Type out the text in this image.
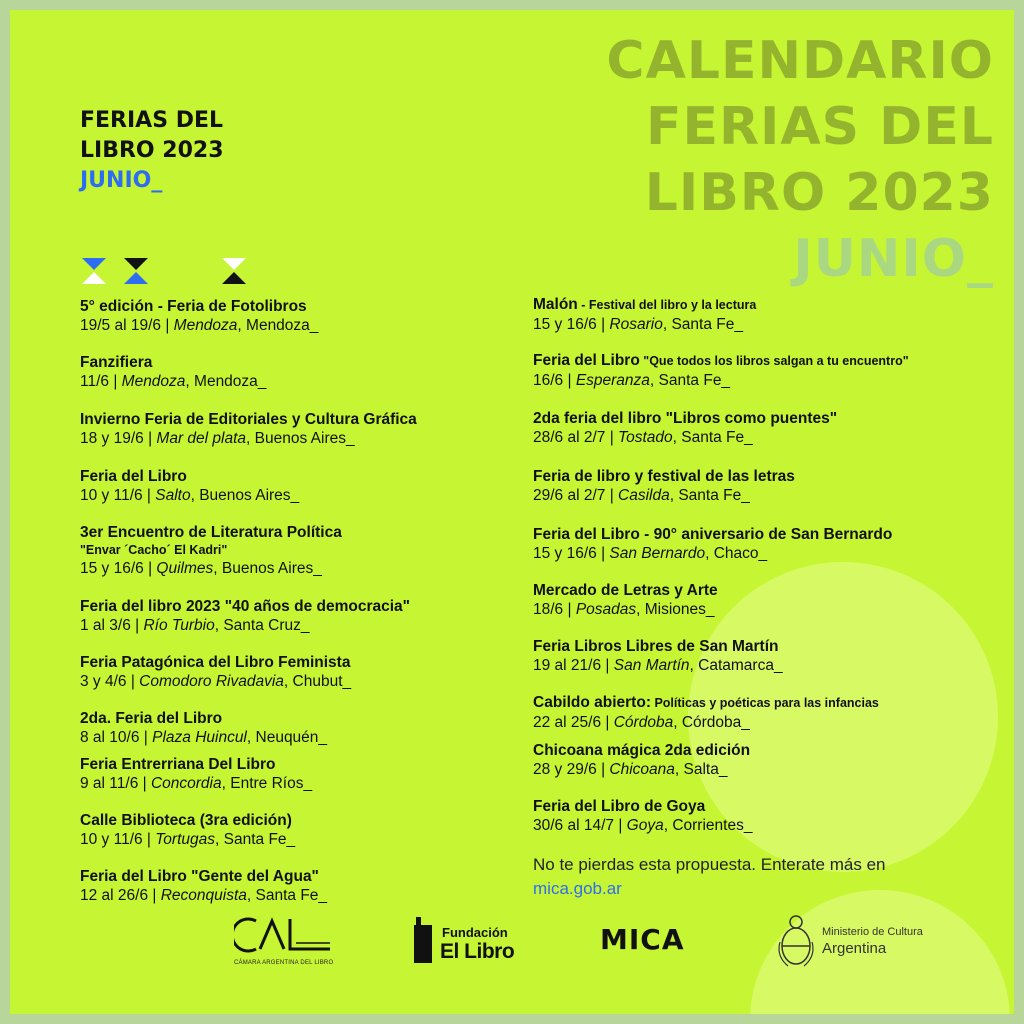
CALENDARIO
FERIAS DEL
LIBRO 2023
JUNIO_
FERIAS DEL
LIBRO 2023
JUNIO_
5° edición - Feria de Fotolibros
19/5 al 19/6 | Mendoza, Mendoza_
Fanzifiera
11/6 | Mendoza, Mendoza_
Invierno Feria de Editoriales y Cultura Gráfica
18 y 19/6 | Mar del plata, Buenos Aires_
Feria del Libro
10 y 11/6 | Salto, Buenos Aires_
3er Encuentro de Literatura Política
"Envar ´Cacho´ El Kadri"
15 y 16/6 | Quilmes, Buenos Aires_
Feria del libro 2023 "40 años de democracia"
1 al 3/6 | Río Turbio, Santa Cruz_
Feria Patagónica del Libro Feminista
3 y 4/6 | Comodoro Rivadavia, Chubut_
2da. Feria del Libro
8 al 10/6 | Plaza Huincul, Neuquén_
Feria Entrerriana Del Libro
9 al 11/6 | Concordia, Entre Ríos_
Calle Biblioteca (3ra edición)
10 y 11/6 | Tortugas, Santa Fe_
Feria del Libro "Gente del Agua"
12 al 26/6 | Reconquista, Santa Fe_
Malón - Festival del libro y la lectura
15 y 16/6 | Rosario, Santa Fe_
Feria del Libro "Que todos los libros salgan a tu encuentro"
16/6 | Esperanza, Santa Fe_
2da feria del libro "Libros como puentes"
28/6 al 2/7 | Tostado, Santa Fe_
Feria de libro y festival de las letras
29/6 al 2/7 | Casilda, Santa Fe_
Feria del Libro - 90° aniversario de San Bernardo
15 y 16/6 | San Bernardo, Chaco_
Mercado de Letras y Arte
18/6 | Posadas, Misiones_
Feria Libros Libres de San Martín
19 al 21/6 | San Martín, Catamarca_
Cabildo abierto: Políticas y poéticas para las infancias
22 al 25/6 | Córdoba, Córdoba_
Chicoana mágica 2da edición
28 y 29/6 | Chicoana, Salta_
Feria del Libro de Goya
30/6 al 14/7 | Goya, Corrientes_
No te pierdas esta propuesta. Enterate más en
mica.gob.ar
CÁMARA ARGENTINA DEL LIBRO
Fundación
El Libro	MICA	Ministerio de Cultura
Argentina
